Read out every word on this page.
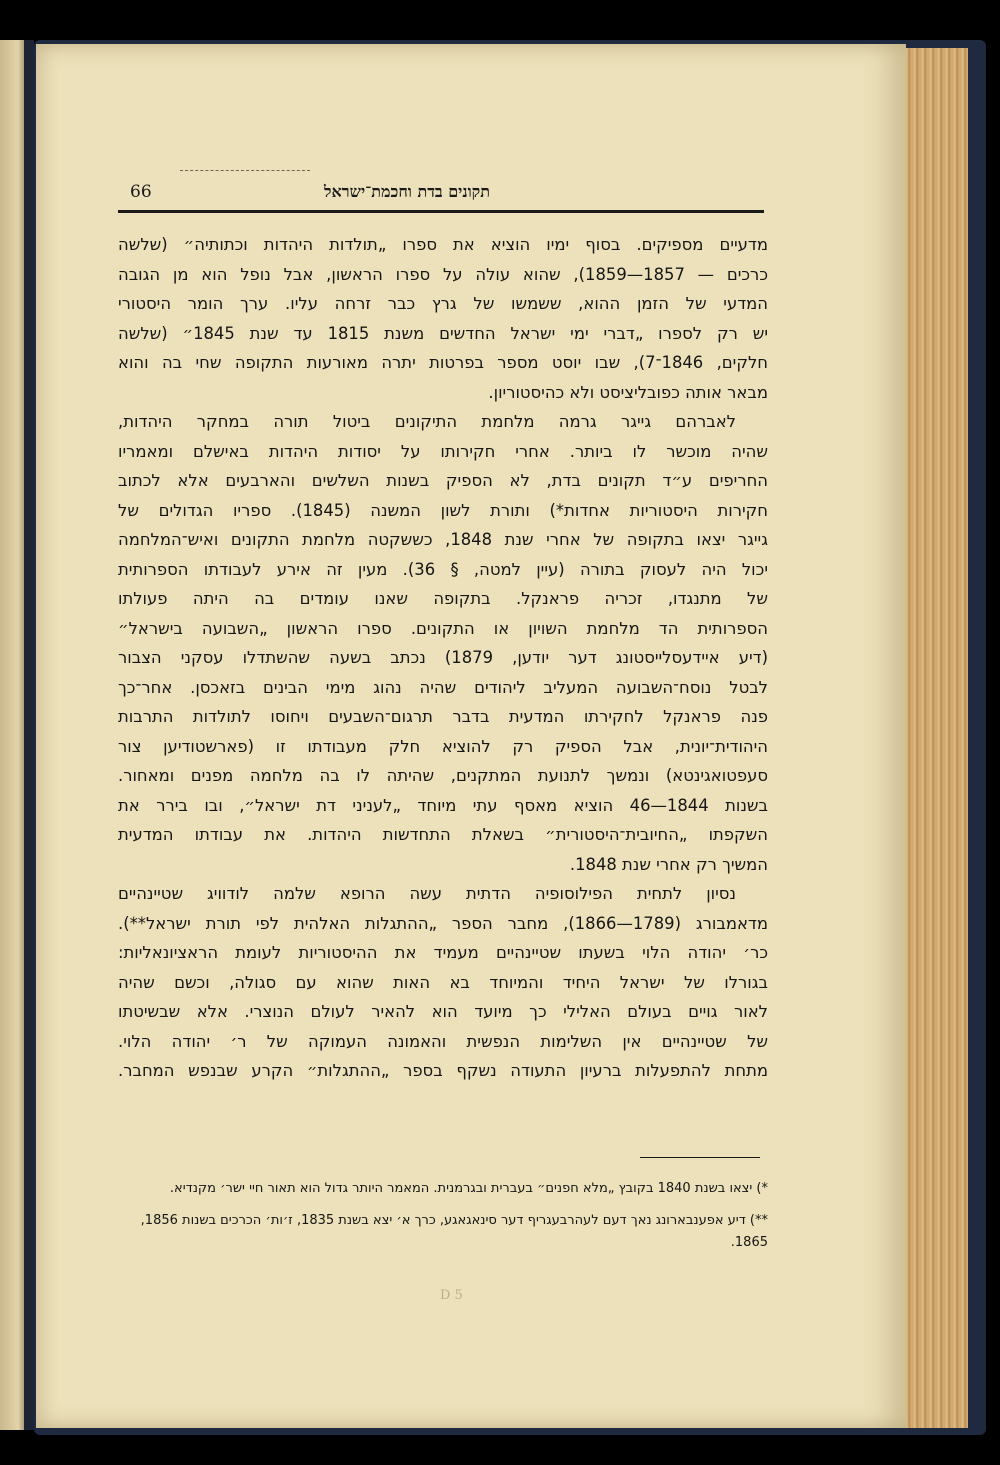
66	תקונים בדת וחכמת־ישראל
מדעיים מספיקים. בסוף ימיו הוציא את ספרו „תולדות היהדות וכתותיה״ (שלשה
כרכים — 1857—1859), שהוא עולה על ספרו הראשון, אבל נופל הוא מן הגובה
המדעי של הזמן ההוא, ששמשו של גרץ כבר זרחה עליו. ערך הומר היסטורי
יש רק לספרו „דברי ימי ישראל החדשים משנת 1815 עד שנת 1845״ (שלשה
חלקים, 1846־7), שבו יוסט מספר בפרטות יתרה מאורעות התקופה שחי בה והוא
מבאר אותה כפובליציסט ולא כהיסטוריון.
לאברהם גייגר גרמה מלחמת התיקונים ביטול תורה במחקר היהדות,
שהיה מוכשר לו ביותר. אחרי חקירותו על יסודות היהדות באישלם ומאמריו
החריפים ע״ד תקונים בדת, לא הספיק בשנות השלשים והארבעים אלא לכתוב
חקירות היסטוריות אחדות*) ותורת לשון המשנה (1845). ספריו הגדולים של
גייגר יצאו בתקופה של אחרי שנת 1848, כששקטה מלחמת התקונים ואיש־המלחמה
יכול היה לעסוק בתורה (עיין למטה, § 36). מעין זה אירע לעבודתו הספרותית
של מתנגדו, זכריה פראנקל. בתקופה שאנו עומדים בה היתה פעולתו
הספרותית הד מלחמת השויון או התקונים. ספרו הראשון „השבועה בישראל״
(דיע איידעסלייסטונג דער יודען, 1879) נכתב בשעה שהשתדלו עסקני הצבור
לבטל נוסח־השבועה המעליב ליהודים שהיה נהוג מימי הבינים בזאכסן. אחר־כך
פנה פראנקל לחקירתו המדעית בדבר תרגום־השבעים ויחוסו לתולדות התרבות
היהודית־יונית, אבל הספיק רק להוציא חלק מעבודתו זו (פארשטודיען צור
סעפטואגינטא) ונמשך לתנועת המתקנים, שהיתה לו בה מלחמה מפנים ומאחור.
בשנות 1844—46 הוציא מאסף עתי מיוחד „לעניני דת ישראל״, ובו בירר את
השקפתו „החיובית־היסטורית״ בשאלת התחדשות היהדות. את עבודתו המדעית
המשיך רק אחרי שנת 1848.
נסיון לתחית הפילוסופיה הדתית עשה הרופא שלמה לודוויג שטיינהיים
מדאמבורג (1789—1866), מחבר הספר „ההתגלות האלהית לפי תורת ישראל**).
כר׳ יהודה הלוי בשעתו שטיינהיים מעמיד את ההיסטוריות לעומת הראציונאליות:
בגורלו של ישראל היחיד והמיוחד בא האות שהוא עם סגולה, וכשם שהיה
לאור גויים בעולם האלילי כך מיועד הוא להאיר לעולם הנוצרי. אלא שבשיטתו
של שטיינהיים אין השלימות הנפשית והאמונה העמוקה של ר׳ יהודה הלוי.
מתחת להתפעלות ברעיון התעודה נשקף בספר „ההתגלות״ הקרע שבנפש המחבר.

*) יצאו בשנת 1840 בקובץ „מלא חפנים״ בעברית ובגרמנית. המאמר היותר גדול הוא תאור חיי ישר׳ מקנדיא.

**) דיע אפענבארונג נאך דעם לעהרבעגריף דער סינאגאגע, כרך א׳ יצא בשנת 1835, ז׳ות׳ הכרכים בשנות 1856, 1865.

D 5
